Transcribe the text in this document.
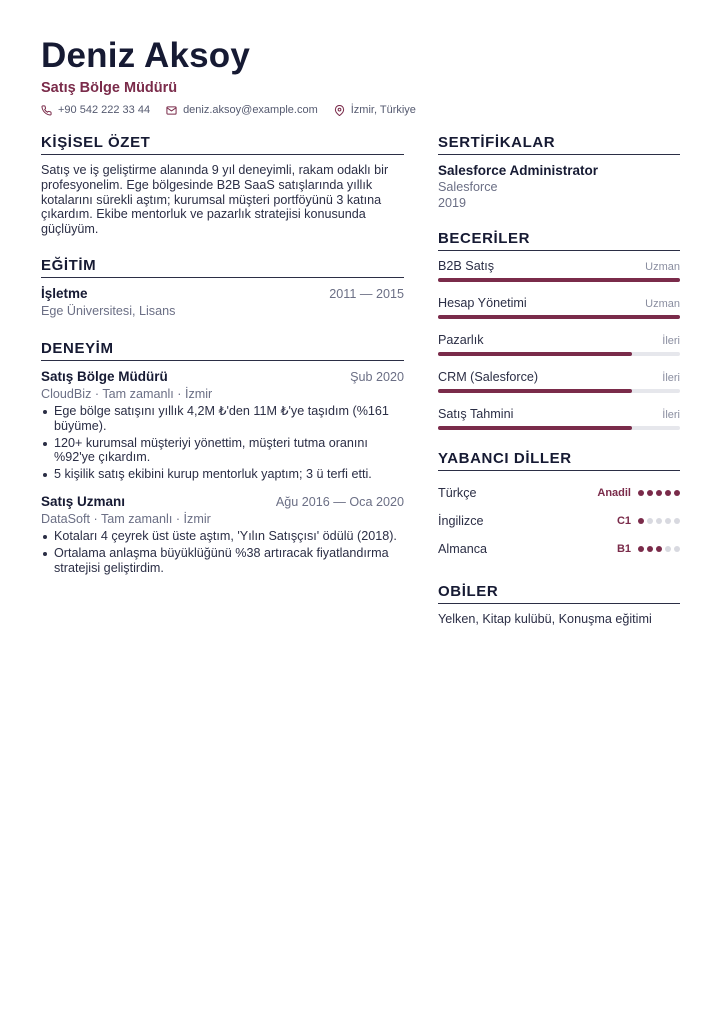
Deniz Aksoy
Satış Bölge Müdürü
+90 542 222 33 44	deniz.aksoy@example.com	İzmir, Türkiye
KİŞİSEL ÖZET
Satış ve iş geliştirme alanında 9 yıl deneyimli, rakam odaklı bir profesyonelim. Ege bölgesinde B2B SaaS satışlarında yıllık kotalarını sürekli aştım; kurumsal müşteri portföyünü 3 katına çıkardım. Ekibe mentorluk ve pazarlık stratejisi konusunda güçlüyüm.
EĞİTİM
İşletme	2011 — 2015
Ege Üniversitesi, Lisans
DENEYİM
Satış Bölge Müdürü	Şub 2020
CloudBiz · Tam zamanlı · İzmir
Ege bölge satışını yıllık 4,2M ₺'den 11M ₺'ye taşıdım (%161 büyüme).
120+ kurumsal müşteriyi yönettim, müşteri tutma oranını %92'ye çıkardım.
5 kişilik satış ekibini kurup mentorluk yaptım; 3 ü terfi etti.
Satış Uzmanı	Ağu 2016 — Oca 2020
DataSoft · Tam zamanlı · İzmir
Kotaları 4 çeyrek üst üste aştım, 'Yılın Satışçısı' ödülü (2018).
Ortalama anlaşma büyüklüğünü %38 artıracak fiyatlandırma stratejisi geliştirdim.
SERTİFİKALAR
Salesforce Administrator
Salesforce
2019
BECERİLER
B2B Satış	Uzman
Hesap Yönetimi	Uzman
Pazarlık	İleri
CRM (Salesforce)	İleri
Satış Tahmini	İleri
YABANCI DİLLER
Türkçe	Anadil
İngilizce	C1
Almanca	B1
OBİLER
Yelken, Kitap kulübü, Konuşma eğitimi
